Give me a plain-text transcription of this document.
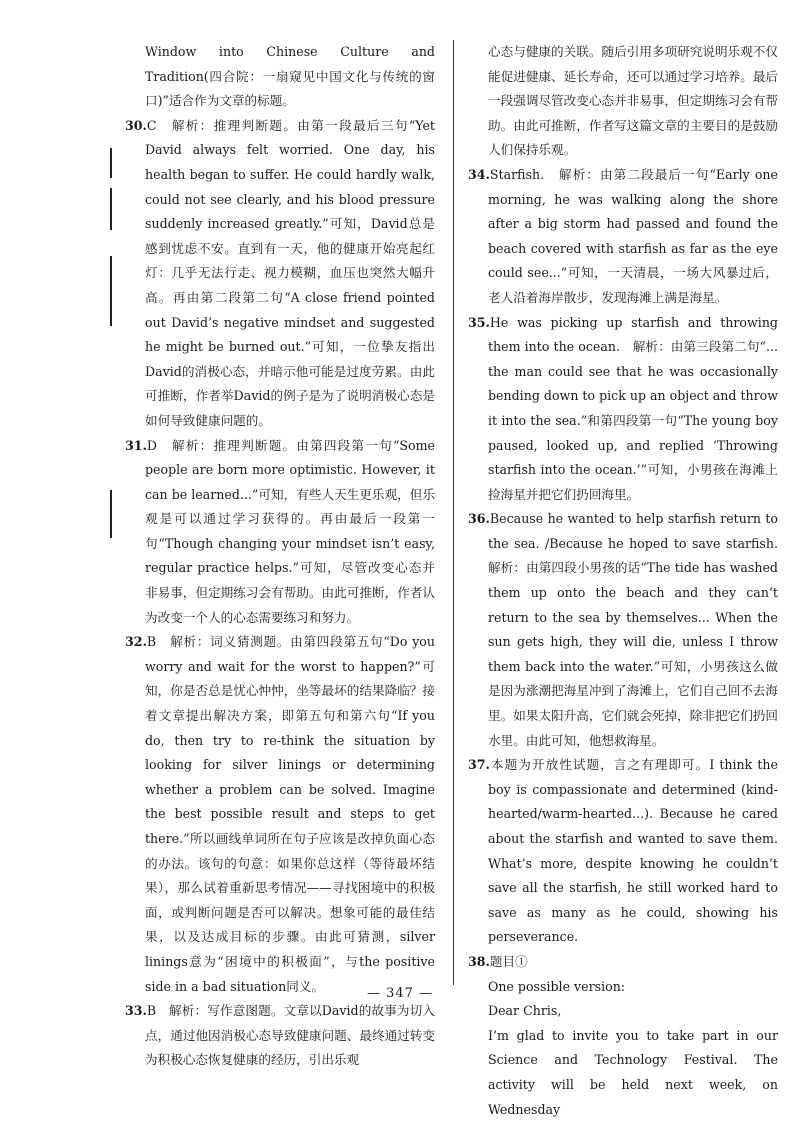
Window into Chinese Culture and Tradition(四合院：一扇窥见中国文化与传统的窗口)”适合作为文章的标题。

30.C　解析：推理判断题。由第一段最后三句“Yet David always felt worried. One day, his health began to suffer. He could hardly walk, could not see clearly, and his blood pressure suddenly increased greatly.”可知，David总是感到忧虑不安。直到有一天，他的健康开始亮起红灯：几乎无法行走、视力模糊，血压也突然大幅升高。再由第二段第二句“A close friend pointed out David’s negative mindset and suggested he might be burned out.”可知，一位挚友指出David的消极心态，并暗示他可能是过度劳累。由此可推断，作者举David的例子是为了说明消极心态是如何导致健康问题的。
31.D　解析：推理判断题。由第四段第一句“Some people are born more optimistic. However, it can be learned...”可知，有些人天生更乐观，但乐观是可以通过学习获得的。再由最后一段第一句“Though changing your mindset isn’t easy, regular practice helps.”可知，尽管改变心态并非易事，但定期练习会有帮助。由此可推断，作者认为改变一个人的心态需要练习和努力。
32.B　解析：词义猜测题。由第四段第五句“Do you worry and wait for the worst to happen?”可知，你是否总是忧心忡忡，坐等最坏的结果降临？接着文章提出解决方案，即第五句和第六句“If you do, then try to re-think the situation by looking for silver linings or determining whether a problem can be solved. Imagine the best possible result and steps to get there.”所以画线单词所在句子应该是改掉负面心态的办法。该句的句意：如果你总这样（等待最坏结果），那么试着重新思考情况——寻找困境中的积极面，或判断问题是否可以解决。想象可能的最佳结果，以及达成目标的步骤。由此可猜测，silver linings意为“困境中的积极面”，与the positive side in a bad situation同义。
33.B　解析：写作意图题。文章以David的故事为切入点，通过他因消极心态导致健康问题、最终通过转变为积极心态恢复健康的经历，引出乐观

心态与健康的关联。随后引用多项研究说明乐观不仅能促进健康、延长寿命，还可以通过学习培养。最后一段强调尽管改变心态并非易事，但定期练习会有帮助。由此可推断，作者写这篇文章的主要目的是鼓励人们保持乐观。

34.Starfish.　解析：由第二段最后一句“Early one morning, he was walking along the shore after a big storm had passed and found the beach covered with starfish as far as the eye could see...”可知，一天清晨，一场大风暴过后，老人沿着海岸散步，发现海滩上满是海星。
35.He was picking up starfish and throwing them into the ocean.　解析：由第三段第二句“... the man could see that he was occasionally bending down to pick up an object and throw it into the sea.”和第四段第一句“The young boy paused, looked up, and replied ‘Throwing starfish into the ocean.’”可知，小男孩在海滩上捡海星并把它们扔回海里。
36.Because he wanted to help starfish return to the sea. /Because he hoped to save starfish.　解析：由第四段小男孩的话“The tide has washed them up onto the beach and they can’t return to the sea by themselves... When the sun gets high, they will die, unless I throw them back into the water.”可知，小男孩这么做是因为涨潮把海星冲到了海滩上，它们自己回不去海里。如果太阳升高，它们就会死掉，除非把它们扔回水里。由此可知，他想救海星。
37.本题为开放性试题，言之有理即可。I think the boy is compassionate and determined (kind-hearted/warm-hearted...). Because he cared about the starfish and wanted to save them. What’s more, despite knowing he couldn’t save all the starfish, he still worked hard to save as many as he could, showing his perseverance.
38.题目①

One possible version:

Dear Chris,

I’m glad to invite you to take part in our Science and Technology Festival. The activity will be held next week, on Wednesday

— 347 —
